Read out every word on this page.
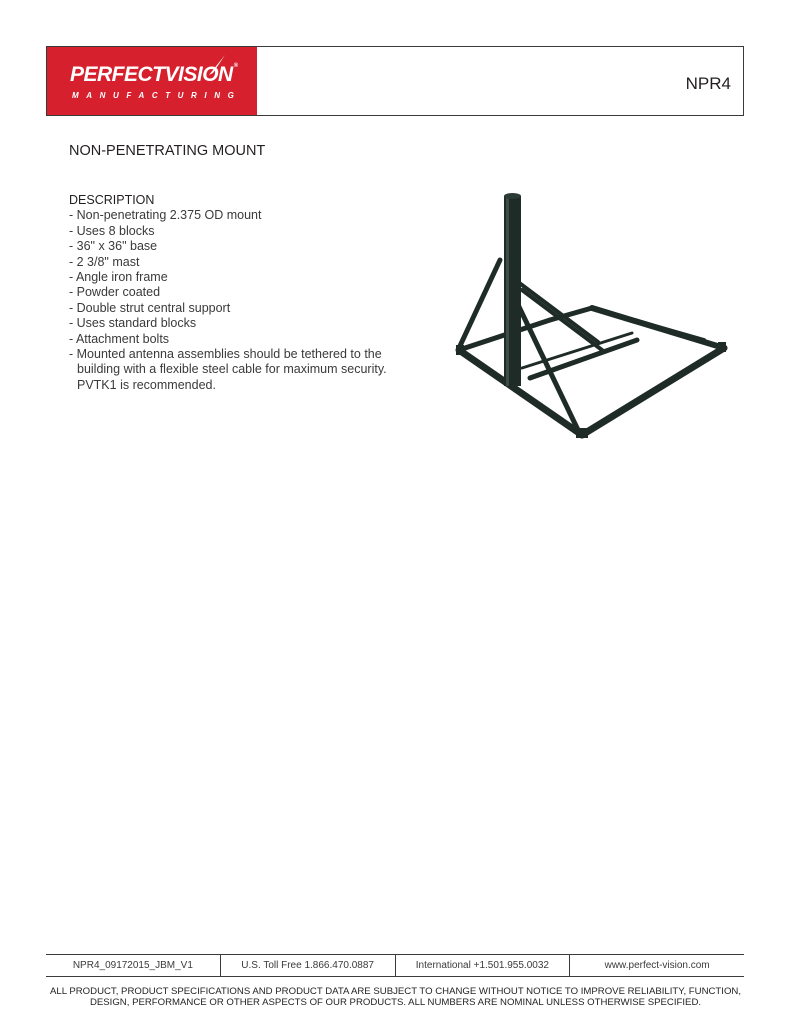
PERFECTVISION®
MANUFACTURING
NPR4
NON-PENETRATING MOUNT
DESCRIPTION
- Non-penetrating 2.375 OD mount
- Uses 8 blocks
- 36" x 36" base
- 2 3/8" mast
- Angle iron frame
- Powder coated
- Double strut central support
- Uses standard blocks
- Attachment bolts
- Mounted antenna assemblies should be tethered to the building with a flexible steel cable for maximum security. PVTK1 is recommended.
NPR4_09172015_JBM_V1	U.S. Toll Free 1.866.470.0887	International +1.501.955.0032	www.perfect-vision.com
ALL PRODUCT, PRODUCT SPECIFICATIONS AND PRODUCT DATA ARE SUBJECT TO CHANGE WITHOUT NOTICE TO IMPROVE RELIABILITY, FUNCTION, DESIGN, PERFORMANCE OR OTHER ASPECTS OF OUR PRODUCTS. ALL NUMBERS ARE NOMINAL UNLESS OTHERWISE SPECIFIED.
